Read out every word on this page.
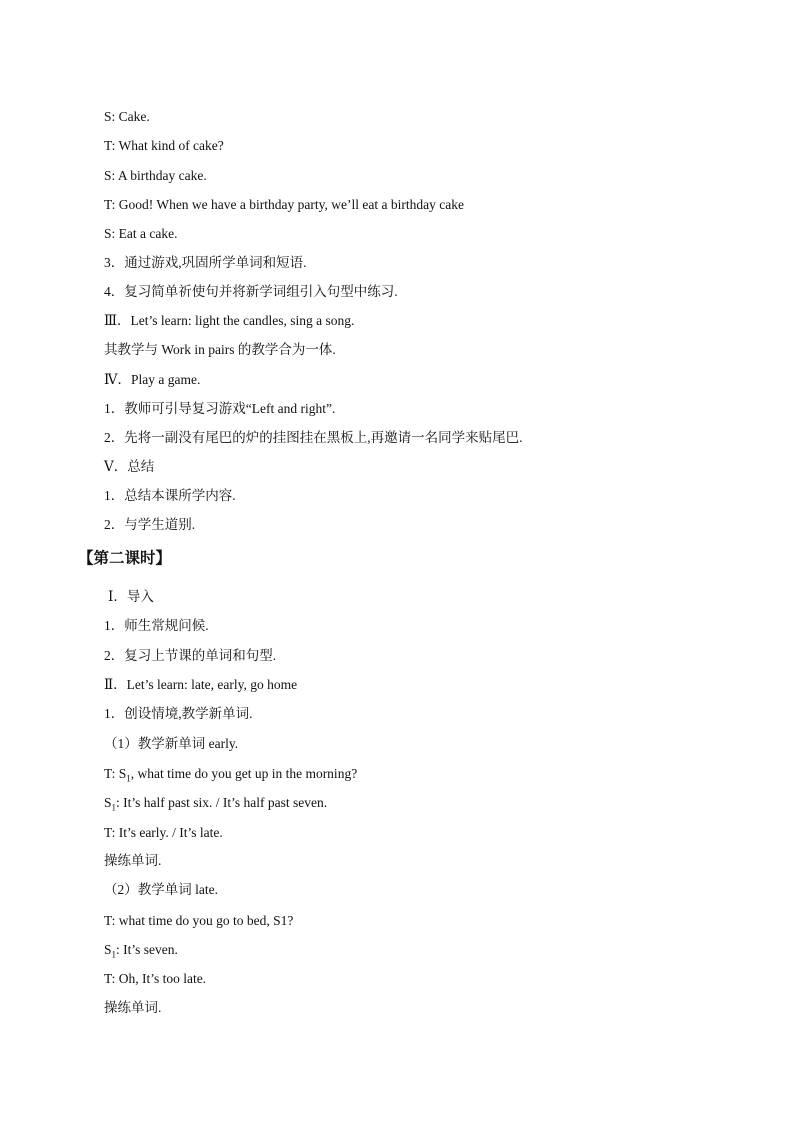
S: Cake.
T: What kind of cake?
S: A birthday cake.
T: Good! When we have a birthday party, we’ll eat a birthday cake
S: Eat a cake.
3．通过游戏,巩固所学单词和短语.
4．复习简单祈使句并将新学词组引入句型中练习.
Ⅲ．Let’s learn: light the candles, sing a song.
其教学与 Work in pairs 的教学合为一体.
Ⅳ．Play a game.
1．教师可引导复习游戏“Left and right”.
2．先将一副没有尾巴的炉的挂图挂在黑板上,再邀请一名同学来贴尾巴.
Ⅴ．总结
1．总结本课所学内容.
2．与学生道别.
【第二课时】
Ⅰ．导入
1．师生常规问候.
2．复习上节课的单词和句型.
Ⅱ．Let’s learn: late, early, go home
1．创设情境,教学新单词.
（1）教学新单词 early.
T: $S_1$, what time do you get up in the morning?
$S_1$: It’s half past six. / It’s half past seven.
T: It’s early. / It’s late.
操练单词.
（2）教学单词 late.
T: what time do you go to bed, S1?
$S_1$: It’s seven.
T: Oh, It’s too late.
操练单词.
